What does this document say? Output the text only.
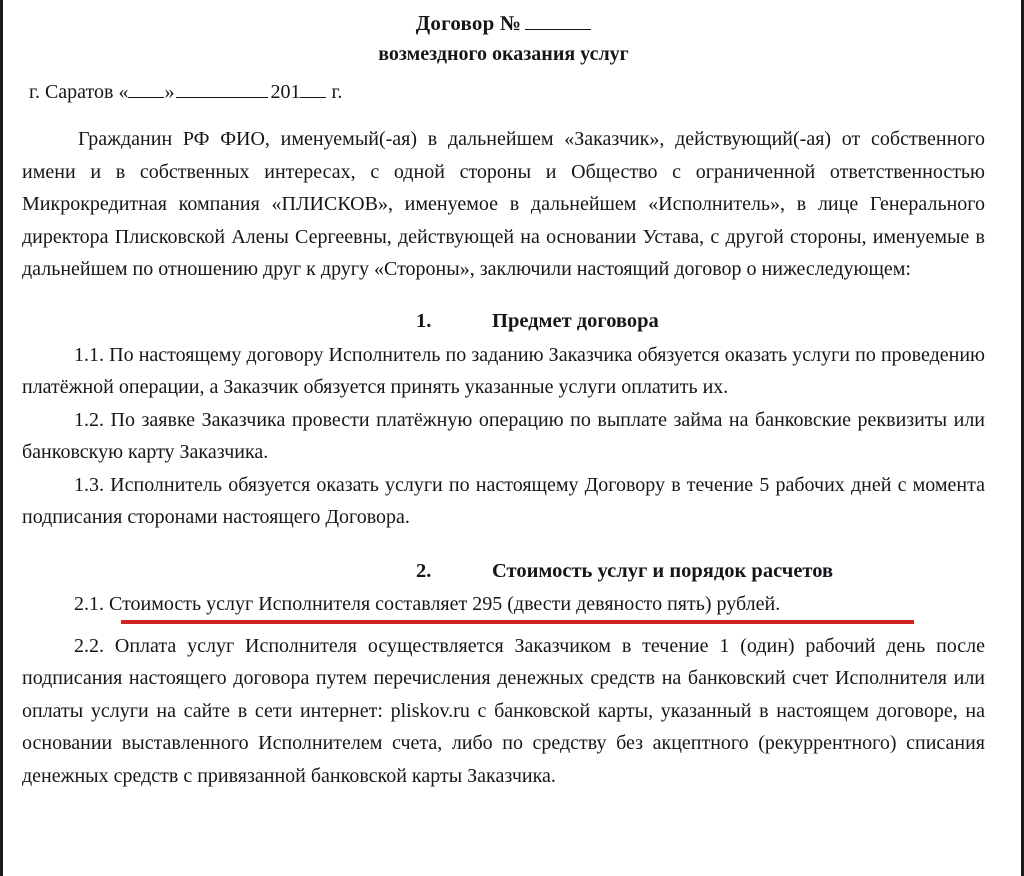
Договор №
возмездного оказания услуг
г. Саратов « »	201 г.

Гражданин РФ ФИО, именуемый(-ая) в дальнейшем «Заказчик», действующий(-ая) от собственного имени и в собственных интересах, с одной стороны и Общество с ограниченной ответственностью Микрокредитная компания «ПЛИСКОВ», именуемое в дальнейшем «Исполнитель», в лице Генерального директора Плисковской Алены Сергеевны, действующей на основании Устава, с другой стороны, именуемые в дальнейшем по отношению друг к другу «Стороны», заключили настоящий договор о нижеследующем:

1.	Предмет договора

1.1. По настоящему договору Исполнитель по заданию Заказчика обязуется оказать услуги по проведению платёжной операции, а Заказчик обязуется принять указанные услуги оплатить их.

1.2. По заявке Заказчика провести платёжную операцию по выплате займа на банковские реквизиты или банковскую карту Заказчика.

1.3. Исполнитель обязуется оказать услуги по настоящему Договору в течение 5 рабочих дней с момента подписания сторонами настоящего Договора.

2.	Стоимость услуг и порядок расчетов

2.1. Стоимость услуг Исполнителя составляет 295 (двести девяносто пять) рублей.

2.2. Оплата услуг Исполнителя осуществляется Заказчиком в течение 1 (один) рабочий день после подписания настоящего договора путем перечисления денежных средств на банковский счет Исполнителя или оплаты услуги на сайте в сети интернет: pliskov.ru с банковской карты, указанный в настоящем договоре, на основании выставленного Исполнителем счета, либо по средству без акцептного (рекуррентного) списания денежных средств с привязанной банковской карты Заказчика.
